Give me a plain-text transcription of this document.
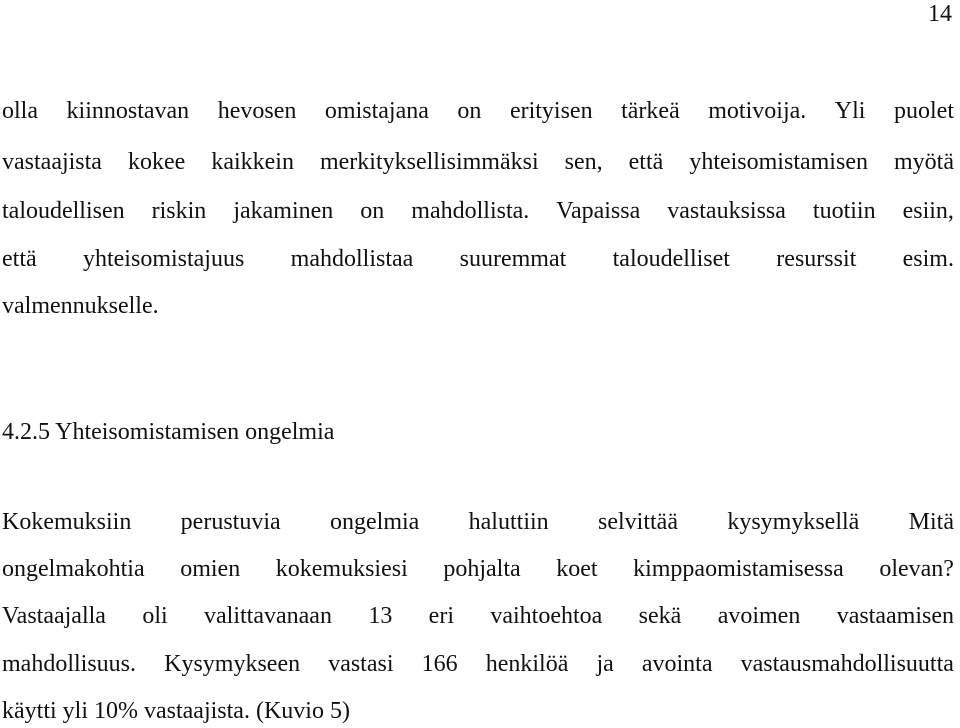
14
olla kiinnostavan hevosen omistajana on erityisen tärkeä motivoija. Yli puolet
vastaajista kokee kaikkein merkityksellisimmäksi sen, että yhteisomistamisen myötä
taloudellisen riskin jakaminen on mahdollista. Vapaissa vastauksissa tuotiin esiin,
että yhteisomistajuus mahdollistaa suuremmat taloudelliset resurssit esim.
valmennukselle.
4.2.5 Yhteisomistamisen ongelmia
Kokemuksiin perustuvia ongelmia haluttiin selvittää kysymyksellä Mitä
ongelmakohtia omien kokemuksiesi pohjalta koet kimppaomistamisessa olevan?
Vastaajalla oli valittavanaan 13 eri vaihtoehtoa sekä avoimen vastaamisen
mahdollisuus. Kysymykseen vastasi 166 henkilöä ja avointa vastausmahdollisuutta
käytti yli 10% vastaajista. (Kuvio 5)
